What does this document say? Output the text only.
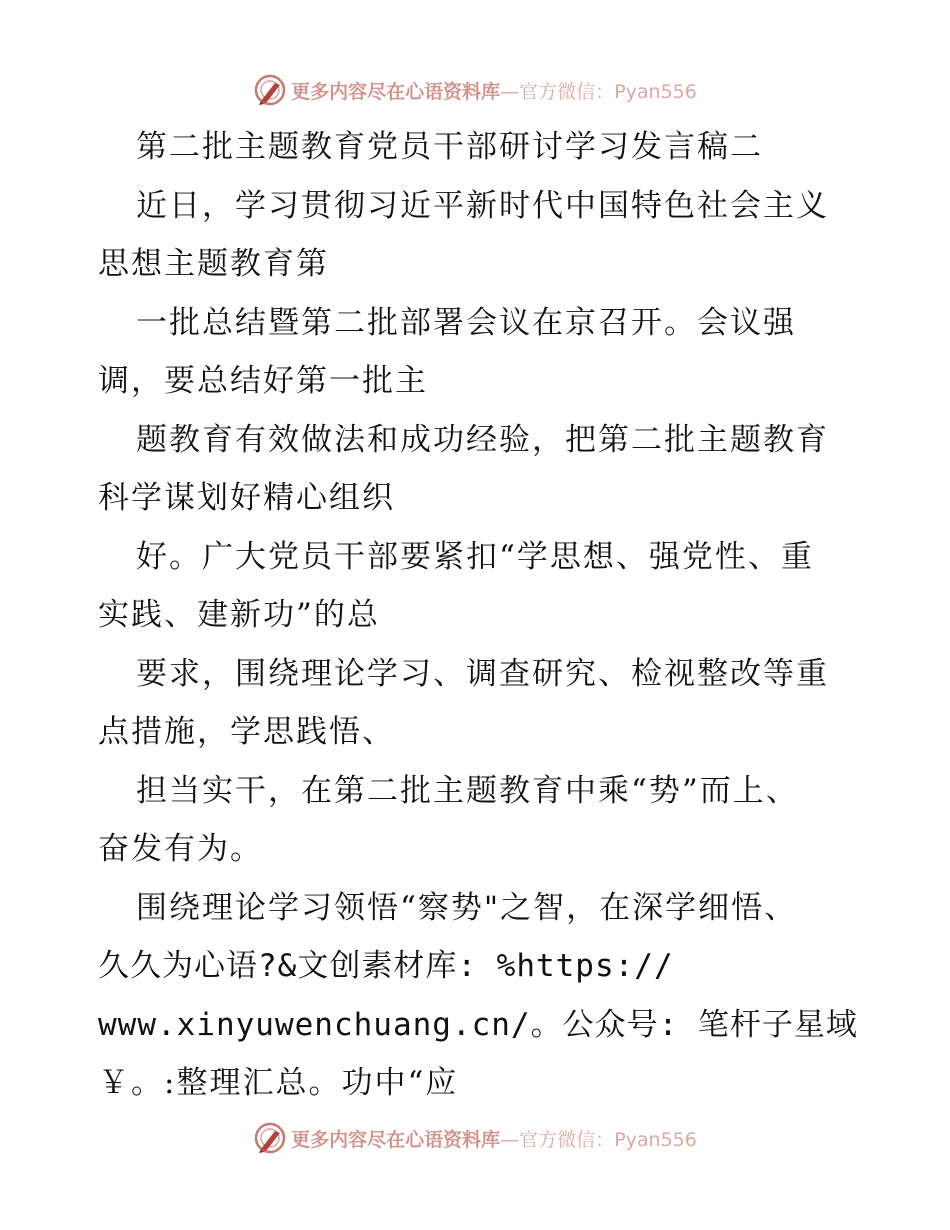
更多内容尽在心语资料库—官方微信：Pyan556
第二批主题教育党员干部研讨学习发言稿二
近日，学习贯彻习近平新时代中国特色社会主义
思想主题教育第
一批总结暨第二批部署会议在京召开。会议强
调，要总结好第一批主
题教育有效做法和成功经验，把第二批主题教育
科学谋划好精心组织
好。广大党员干部要紧扣“学思想、强党性、重
实践、建新功”的总
要求，围绕理论学习、调查研究、检视整改等重
点措施，学思践悟、
担当实干，在第二批主题教育中乘“势”而上、
奋发有为。
围绕理论学习领悟“察势"之智，在深学细悟、
久久为心语?&文创素材库: %https://
www.xinyuwenchuang.cn/。公众号: 笔杆子星域
￥。:整理汇总。功中“应
更多内容尽在心语资料库—官方微信：Pyan556
